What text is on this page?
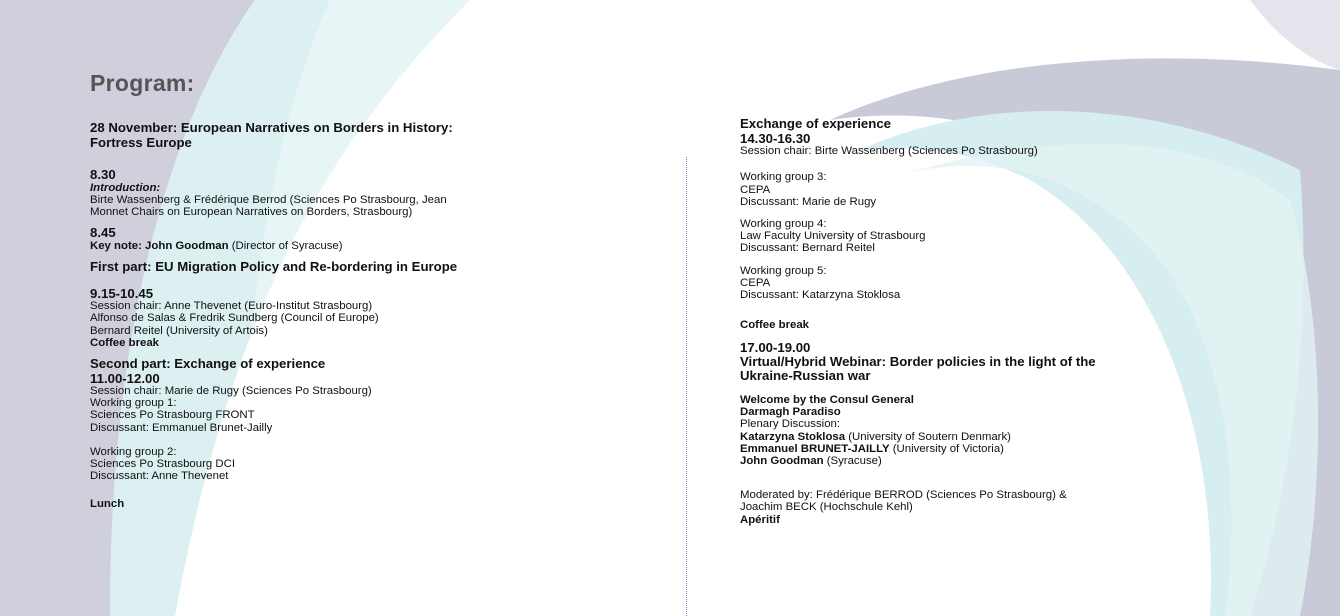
Program:
28 November: European Narratives on Borders in History:
Fortress Europe
8.30
Introduction:
Birte Wassenberg & Frédérique Berrod (Sciences Po Strasbourg, Jean
Monnet Chairs on European Narratives on Borders, Strasbourg)
8.45
Key note: John Goodman (Director of Syracuse)
First part: EU Migration Policy and Re-bordering in Europe
9.15-10.45
Session chair: Anne Thevenet (Euro-Institut Strasbourg)
Alfonso de Salas & Fredrik Sundberg (Council of Europe)
Bernard Reitel (University of Artois)
Coffee break
Second part: Exchange of experience
11.00-12.00
Session chair: Marie de Rugy (Sciences Po Strasbourg)
Working group 1:
Sciences Po Strasbourg FRONT
Discussant: Emmanuel Brunet-Jailly
Working group 2:
Sciences Po Strasbourg DCI
Discussant: Anne Thevenet
Lunch
Exchange of experience
14.30-16.30
Session chair: Birte Wassenberg (Sciences Po Strasbourg)
Working group 3:
CEPA
Discussant: Marie de Rugy
Working group 4:
Law Faculty University of Strasbourg
Discussant: Bernard Reitel
Working group 5:
CEPA
Discussant: Katarzyna Stoklosa
Coffee break
17.00-19.00
Virtual/Hybrid Webinar: Border policies in the light of the
Ukraine-Russian war
Welcome by the Consul General
Darmagh Paradiso
Plenary Discussion:
Katarzyna Stoklosa (University of Soutern Denmark)
Emmanuel BRUNET-JAILLY (University of Victoria)
John Goodman (Syracuse)
Moderated by: Frédérique BERROD (Sciences Po Strasbourg) &
Joachim BECK (Hochschule Kehl)
Apéritif
